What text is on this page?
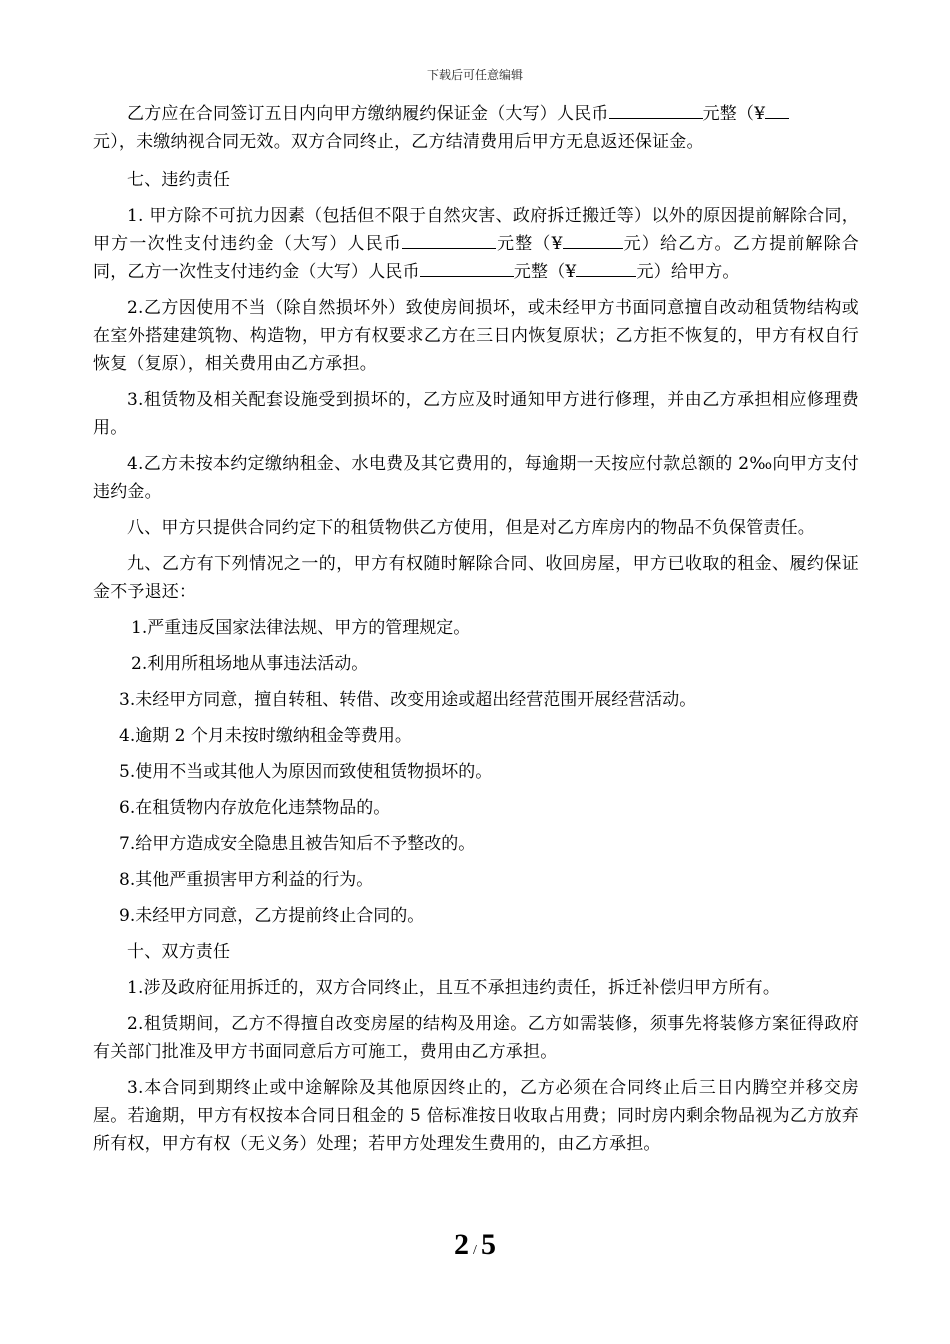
下载后可任意编辑

乙方应在合同签订五日内向甲方缴纳履约保证金（大写）人民币	元整（¥
元），未缴纳视合同无效。双方合同终止，乙方结清费用后甲方无息返还保证金。

七、违约责任

1. 甲方除不可抗力因素（包括但不限于自然灾害、政府拆迁搬迁等）以外的原因提前解除合同，甲方一次性支付违约金（大写）人民币	元整（¥	元）给乙方。乙方提前解除合同，乙方一次性支付违约金（大写）人民币	元整（¥	元）给甲方。

2.乙方因使用不当（除自然损坏外）致使房间损坏，或未经甲方书面同意擅自改动租赁物结构或在室外搭建建筑物、构造物，甲方有权要求乙方在三日内恢复原状；乙方拒不恢复的，甲方有权自行恢复（复原），相关费用由乙方承担。

3.租赁物及相关配套设施受到损坏的，乙方应及时通知甲方进行修理，并由乙方承担相应修理费用。

4.乙方未按本约定缴纳租金、水电费及其它费用的，每逾期一天按应付款总额的 2‰向甲方支付违约金。

八、甲方只提供合同约定下的租赁物供乙方使用，但是对乙方库房内的物品不负保管责任。

九、乙方有下列情况之一的，甲方有权随时解除合同、收回房屋，甲方已收取的租金、履约保证金不予退还：

1.严重违反国家法律法规、甲方的管理规定。

2.利用所租场地从事违法活动。

3.未经甲方同意，擅自转租、转借、改变用途或超出经营范围开展经营活动。

4.逾期 2 个月未按时缴纳租金等费用。

5.使用不当或其他人为原因而致使租赁物损坏的。

6.在租赁物内存放危化违禁物品的。

7.给甲方造成安全隐患且被告知后不予整改的。

8.其他严重损害甲方利益的行为。

9.未经甲方同意，乙方提前终止合同的。

十、双方责任

1.涉及政府征用拆迁的，双方合同终止，且互不承担违约责任，拆迁补偿归甲方所有。

2.租赁期间，乙方不得擅自改变房屋的结构及用途。乙方如需装修，须事先将装修方案征得政府有关部门批准及甲方书面同意后方可施工，费用由乙方承担。

3.本合同到期终止或中途解除及其他原因终止的，乙方必须在合同终止后三日内腾空并移交房屋。若逾期，甲方有权按本合同日租金的 5 倍标准按日收取占用费；同时房内剩余物品视为乙方放弃所有权，甲方有权（无义务）处理；若甲方处理发生费用的，由乙方承担。

2 / 5
